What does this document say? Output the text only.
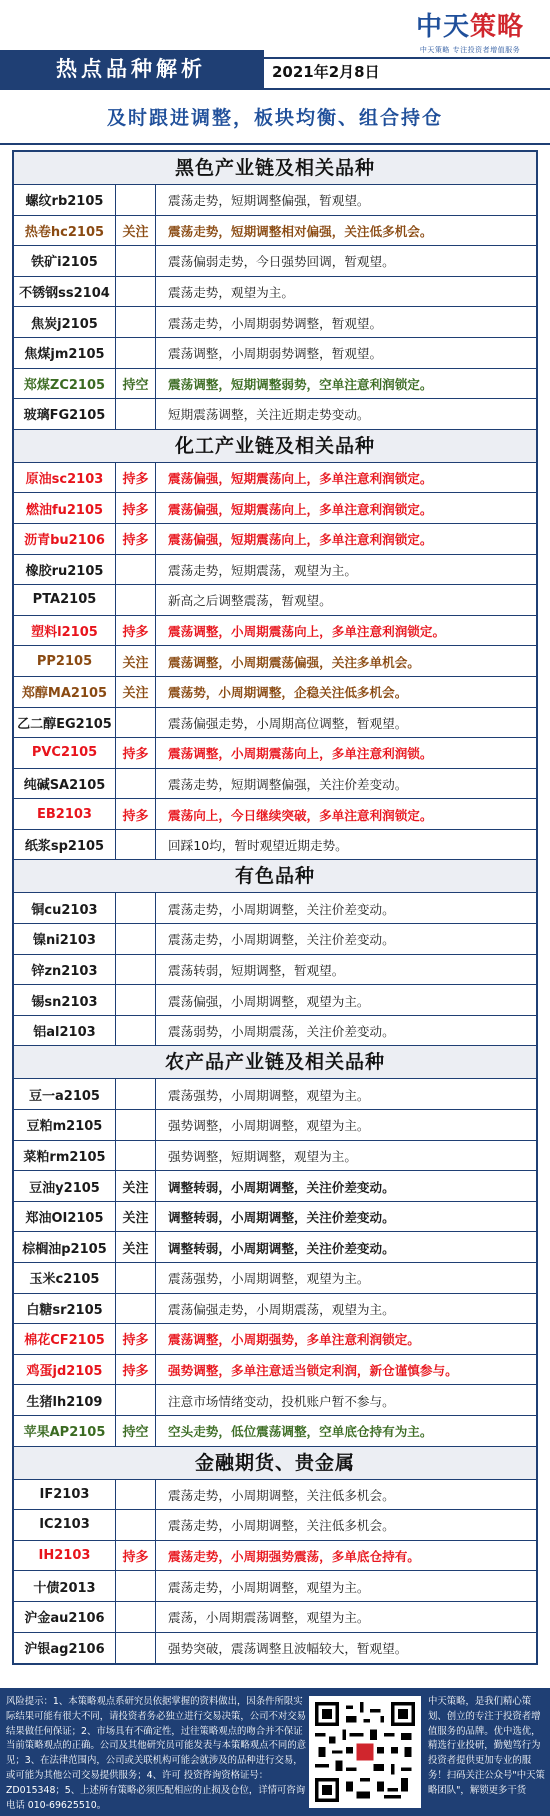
中天策略
中天策略 专注投资者增值服务
热点品种解析	2021年2月8日
及时跟进调整，板块均衡、组合持仓
黑色产业链及相关品种
螺纹rb2105	震荡走势，短期调整偏强，暂观望。
热卷hc2105	关注	震荡走势，短期调整相对偏强，关注低多机会。
铁矿i2105	震荡偏弱走势，今日强势回调，暂观望。
不锈钢ss2104	震荡走势，观望为主。
焦炭j2105	震荡走势，小周期弱势调整，暂观望。
焦煤jm2105	震荡调整，小周期弱势调整，暂观望。
郑煤ZC2105	持空	震荡调整，短期调整弱势，空单注意利润锁定。
玻璃FG2105	短期震荡调整，关注近期走势变动。
化工产业链及相关品种
原油sc2103	持多	震荡偏强，短期震荡向上，多单注意利润锁定。
燃油fu2105	持多	震荡偏强，短期震荡向上，多单注意利润锁定。
沥青bu2106	持多	震荡偏强，短期震荡向上，多单注意利润锁定。
橡胶ru2105	震荡走势，短期震荡，观望为主。
PTA2105	新高之后调整震荡，暂观望。
塑料l2105	持多	震荡调整，小周期震荡向上，多单注意利润锁定。
PP2105	关注	震荡调整，小周期震荡偏强，关注多单机会。
郑醇MA2105	关注	震荡势，小周期调整，企稳关注低多机会。
乙二醇EG2105	震荡偏强走势，小周期高位调整，暂观望。
PVC2105	持多	震荡调整，小周期震荡向上，多单注意利润锁。
纯碱SA2105	震荡走势，短期调整偏强，关注价差变动。
EB2103	持多	震荡向上，今日继续突破，多单注意利润锁定。
纸浆sp2105	回踩10均，暂时观望近期走势。
有色品种
铜cu2103	震荡走势，小周期调整，关注价差变动。
镍ni2103	震荡走势，小周期调整，关注价差变动。
锌zn2103	震荡转弱，短期调整，暂观望。
锡sn2103	震荡偏强，小周期调整，观望为主。
铝al2103	震荡弱势，小周期震荡，关注价差变动。
农产品产业链及相关品种
豆一a2105	震荡强势，小周期调整，观望为主。
豆粕m2105	强势调整，小周期调整，观望为主。
菜粕rm2105	强势调整，短期调整，观望为主。
豆油y2105	关注	调整转弱，小周期调整，关注价差变动。
郑油OI2105	关注	调整转弱，小周期调整，关注价差变动。
棕榈油p2105	关注	调整转弱，小周期调整，关注价差变动。
玉米c2105	震荡强势，小周期调整，观望为主。
白糖sr2105	震荡偏强走势，小周期震荡，观望为主。
棉花CF2105	持多	震荡调整，小周期强势，多单注意利润锁定。
鸡蛋jd2105	持多	强势调整，多单注意适当锁定利润，新仓谨慎参与。
生猪lh2109	注意市场情绪变动，投机账户暂不参与。
苹果AP2105	持空	空头走势，低位震荡调整，空单底仓持有为主。
金融期货、贵金属
IF2103	震荡走势，小周期调整，关注低多机会。
IC2103	震荡走势，小周期调整，关注低多机会。
IH2103	持多	震荡走势，小周期强势震荡，多单底仓持有。
十债2013	震荡走势，小周期调整，观望为主。
沪金au2106	震荡，小周期震荡调整，观望为主。
沪银ag2106	强势突破，震荡调整且波幅较大，暂观望。
风险提示：1、本策略观点系研究员依据掌握的资料做出，因条件所限实际结果可能有很大不同，请投资者务必独立进行交易决策，公司不对交易结果做任何保证；2、市场具有不确定性，过往策略观点的吻合并不保证当前策略观点的正确。公司及其他研究员可能发表与本策略观点不同的意见；3、在法律范围内，公司或关联机构可能会就涉及的品种进行交易，或可能为其他公司交易提供服务；4、许可 投资咨询资格证号：ZD015348；5、上述所有策略必须匹配相应的止损及仓位，详情可咨询电话 010-69625510。
中天策略，是我们精心策划、创立的专注于投资者增值服务的品牌。优中选优，精选行业投研，勤勉笃行为投资者提供更加专业的服务！扫码关注公众号"中天策略团队"，解锁更多干货
